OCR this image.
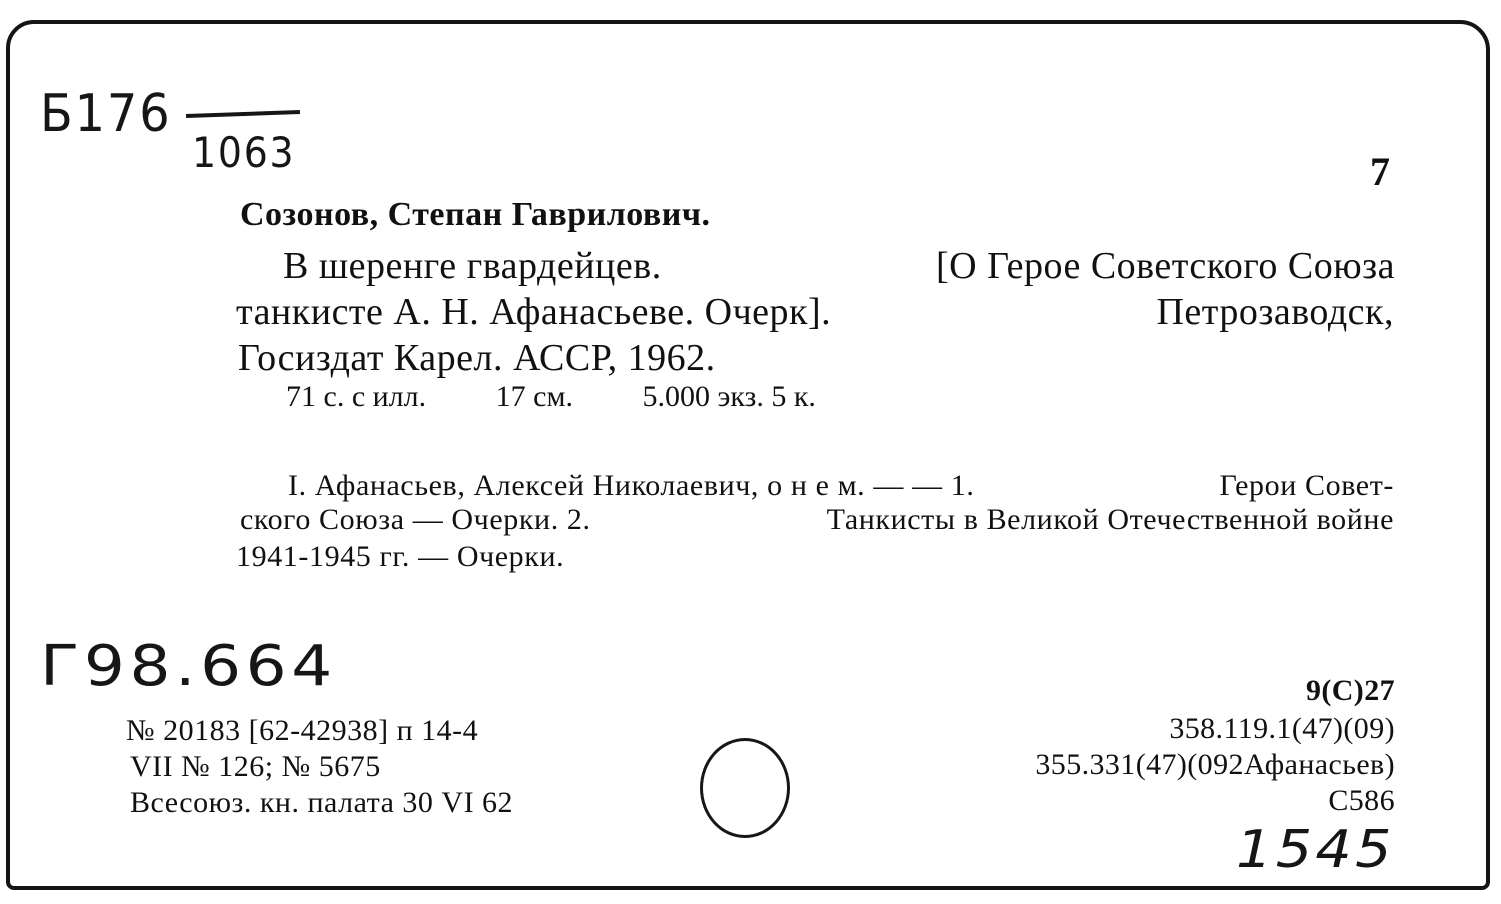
Б176
1063	7
Созонов, Степан Гаврилович.
В шеренге гвардейцев.	[О Герое Советского Союза
танкисте А. Н. Афанасьеве. Очерк].	Петрозаводск,
Госиздат Карел. АССР, 1962.
71 с. с илл. 17 см. 5.000 экз. 5 к.
I. Афанасьев, Алексей Николаевич, о н е м. — — 1.	Герои Совет-
ского Союза — Очерки. 2.	Танкисты в Великой Отечественной войне
1941-1945 гг. — Очерки.
Г98.664
№ 20183 [62-42938] п 14-4
VII № 126; № 5675
Всесоюз. кн. палата 30 VI 62
9(С)27
358.119.1(47)(09)
355.331(47)(092Афанасьев)
С586
1545
